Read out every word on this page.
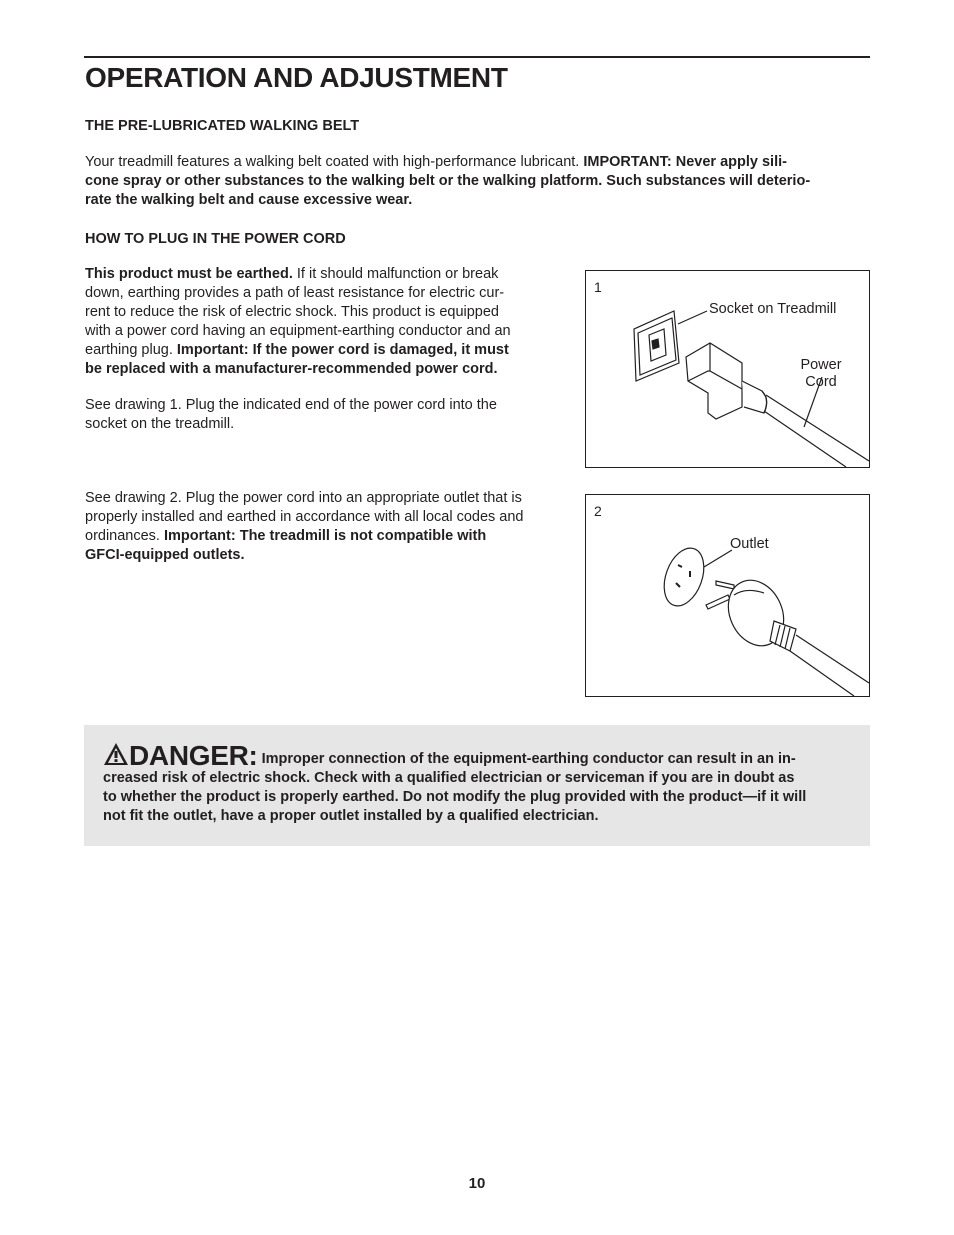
OPERATION AND ADJUSTMENT
THE PRE-LUBRICATED WALKING BELT
Your treadmill features a walking belt coated with high-performance lubricant. IMPORTANT: Never apply sili-
cone spray or other substances to the walking belt or the walking platform. Such substances will deterio-
rate the walking belt and cause excessive wear.
HOW TO PLUG IN THE POWER CORD
This product must be earthed. If it should malfunction or break
down, earthing provides a path of least resistance for electric cur-
rent to reduce the risk of electric shock. This product is equipped
with a power cord having an equipment-earthing conductor and an
earthing plug. Important: If the power cord is damaged, it must
be replaced with a manufacturer-recommended power cord.
See drawing 1. Plug the indicated end of the power cord into the
socket on the treadmill.
See drawing 2. Plug the power cord into an appropriate outlet that is
properly installed and earthed in accordance with all local codes and
ordinances. Important: The treadmill is not compatible with
GFCI-equipped outlets.
1
Socket on Treadmill
Power
Cord
2
Outlet
DANGER: Improper connection of the equipment-earthing conductor can result in an in-
creased risk of electric shock. Check with a qualified electrician or serviceman if you are in doubt as
to whether the product is properly earthed. Do not modify the plug provided with the product—if it will
not fit the outlet, have a proper outlet installed by a qualified electrician.
10
